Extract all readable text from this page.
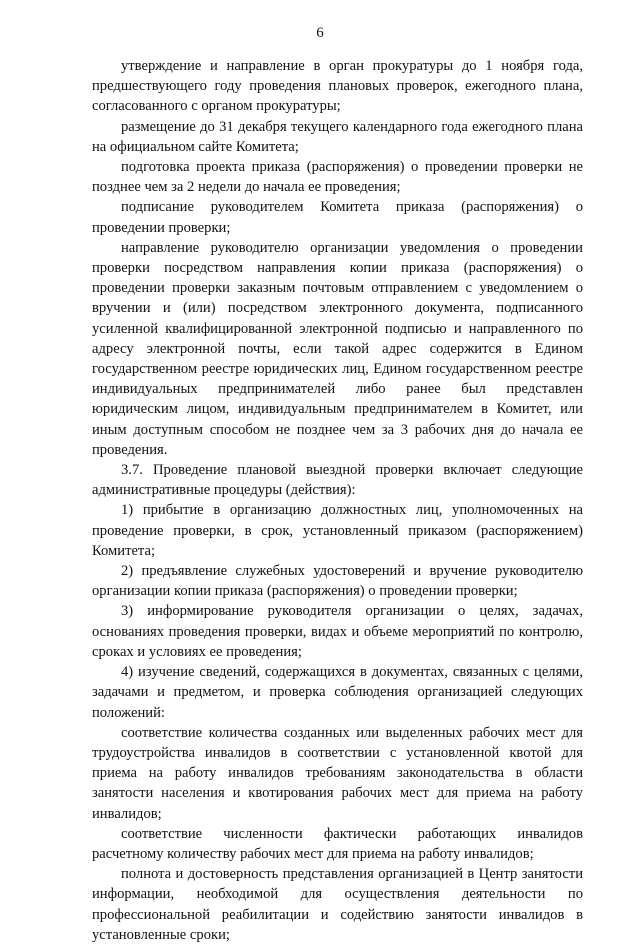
6

утверждение и направление в орган прокуратуры до 1 ноября года, предшествующего году проведения плановых проверок, ежегодного плана, согласованного с органом прокуратуры;

размещение до 31 декабря текущего календарного года ежегодного плана на официальном сайте Комитета;

подготовка проекта приказа (распоряжения) о проведении проверки не позднее чем за 2 недели до начала ее проведения;

подписание руководителем Комитета приказа (распоряжения) о проведении проверки;

направление руководителю организации уведомления о проведении проверки посредством направления копии приказа (распоряжения) о проведении проверки заказным почтовым отправлением с уведомлением о вручении и (или) посредством электронного документа, подписанного усиленной квалифицированной электронной подписью и направленного по адресу электронной почты, если такой адрес содержится в Едином государственном реестре юридических лиц, Едином государственном реестре индивидуальных предпринимателей либо ранее был представлен юридическим лицом, индивидуальным предпринимателем в Комитет, или иным доступным способом не позднее чем за 3 рабочих дня до начала ее проведения.

3.7. Проведение плановой выездной проверки включает следующие административные процедуры (действия):

1) прибытие в организацию должностных лиц, уполномоченных на проведение проверки, в срок, установленный приказом (распоряжением) Комитета;

2) предъявление служебных удостоверений и вручение руководителю организации копии приказа (распоряжения) о проведении проверки;

3) информирование руководителя организации о целях, задачах, основаниях проведения проверки, видах и объеме мероприятий по контролю, сроках и условиях ее проведения;

4) изучение сведений, содержащихся в документах, связанных с целями, задачами и предметом, и проверка соблюдения организацией следующих положений:

соответствие количества созданных или выделенных рабочих мест для трудоустройства инвалидов в соответствии с установленной квотой для приема на работу инвалидов требованиям законодательства в области занятости населения и квотирования рабочих мест для приема на работу инвалидов;

соответствие численности фактически работающих инвалидов расчетному количеству рабочих мест для приема на работу инвалидов;

полнота и достоверность представления организацией в Центр занятости информации, необходимой для осуществления деятельности по профессиональной реабилитации и содействию занятости инвалидов в установленные сроки;
